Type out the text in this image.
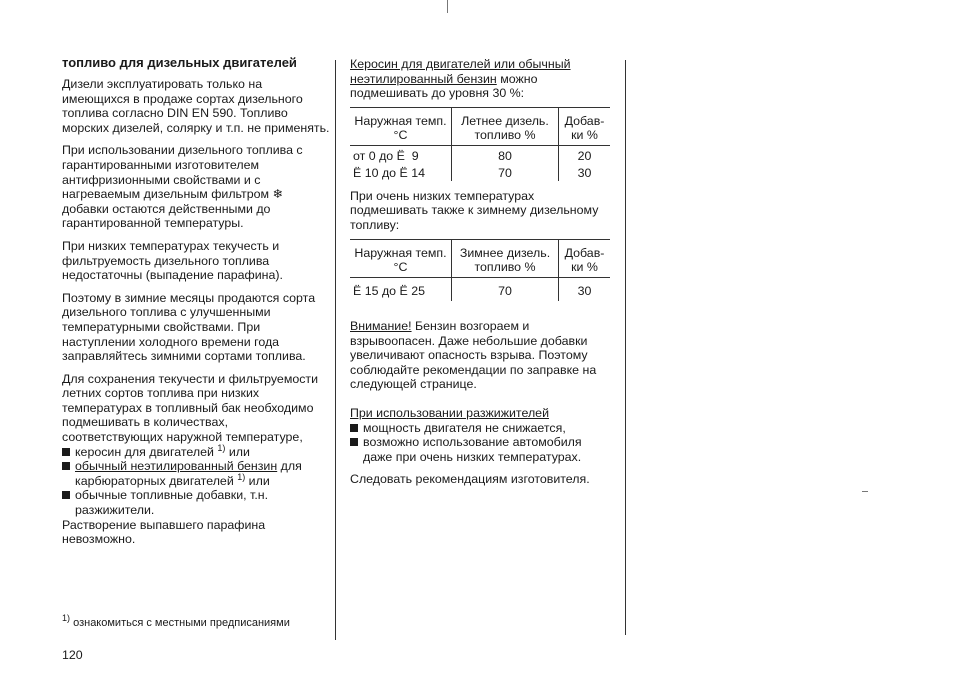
топливо для дизельных двигателей

Дизели эксплуатировать только на имеющихся в продаже сортах дизельного топлива согласно DIN EN 590. Топливо морских дизелей, солярку и т.п. не применять.

При использовании дизельного топлива с гарантированными изготовителем антифризионными свойствами и с нагреваемым дизельным фильтром ❄ добавки остаются действенными до гарантированной температуры.

При низких температурах текучесть и фильтруемость дизельного топлива недостаточны (выпадение парафина).

Поэтому в зимние месяцы продаются сорта дизельного топлива с улучшенными температурными свойствами. При наступлении холодного времени года заправляйтесь зимними сортами топлива.

Для сохранения текучести и фильтруемости летних сортов топлива при низких температурах в топливный бак необходимо подмешивать в количествах, соответствующих наружной температуре,

керосин для двигателей $^{1)}$ или
обычный неэтилированный бензин для карбюраторных двигателей $^{1)}$ или
обычные топливные добавки, т.н. разжижители.

Растворение выпавшего парафина невозможно.

$^{1)}$ ознакомиться с местными предписаниями
120

Керосин для двигателей или обычный неэтилированный бензин можно подмешивать до уровня 30 %:

Наружная темп. °С	Летнее дизель. топливо %	Добав-ки %
от 0 до Ё  9	80	20
Ё 10 до Ё 14	70	30

При очень низких температурах подмешивать также к зимнему дизельному топливу:

Наружная темп. °С	Зимнее дизель. топливо %	Добав-ки %
Ё 15 до Ё 25	70	30

Внимание! Бензин возгораем и взрывоопасен. Даже небольшие добавки увеличивают опасность взрыва. Поэтому соблюдайте рекомендации по заправке на следующей странице.

При использовании разжижителей

мощность двигателя не снижается,
возможно использование автомобиля даже при очень низких температурах.

Следовать рекомендациям изготовителя.
